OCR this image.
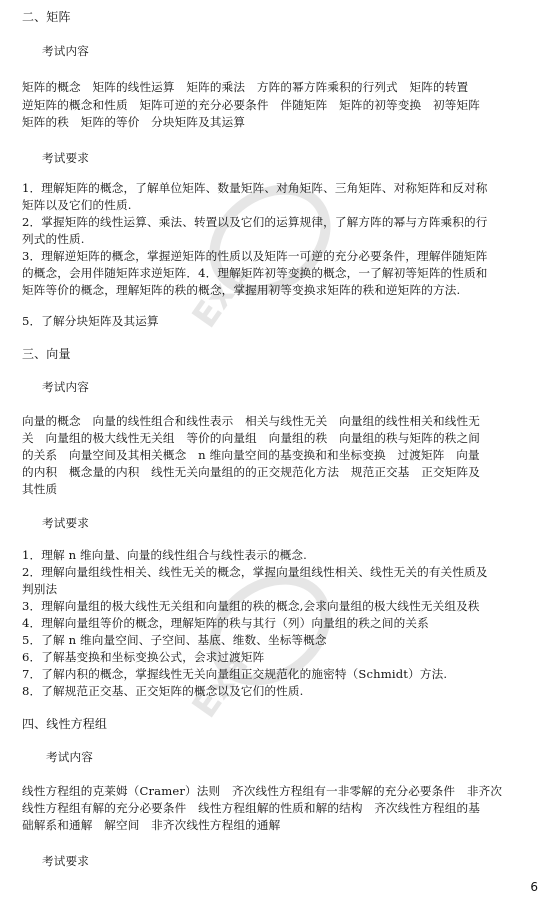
Exa
Exa
二、矩阵
考试内容
矩阵的概念　矩阵的线性运算　矩阵的乘法　方阵的幂方阵乘积的行列式　矩阵的转置
逆矩阵的概念和性质　矩阵可逆的充分必要条件　伴随矩阵　矩阵的初等变换　初等矩阵
矩阵的秩　矩阵的等价　分块矩阵及其运算
考试要求
1．理解矩阵的概念，了解单位矩阵、数量矩阵、对角矩阵、三角矩阵、对称矩阵和反对称
矩阵以及它们的性质.
2．掌握矩阵的线性运算、乘法、转置以及它们的运算规律，了解方阵的幂与方阵乘积的行
列式的性质.
3．理解逆矩阵的概念，掌握逆矩阵的性质以及矩阵一可逆的充分必要条件，理解伴随矩阵
的概念，会用伴随矩阵求逆矩阵．4．理解矩阵初等变换的概念，一了解初等矩阵的性质和
矩阵等价的概念，理解矩阵的秩的概念，掌握用初等变换求矩阵的秩和逆矩阵的方法.
5．了解分块矩阵及其运算
三、向量
考试内容
向量的概念　向量的线性组合和线性表示　相关与线性无关　向量组的线性相关和线性无
关　向量组的极大线性无关组　等价的向量组　向量组的秩　向量组的秩与矩阵的秩之间
的关系　向量空间及其相关概念　n 维向量空间的基变换和和坐标变换　过渡矩阵　向量
的内积　概念量的内积　线性无关向量组的的正交规范化方法　规范正交基　正交矩阵及
其性质
考试要求
1．理解 n 维向量、向量的线性组合与线性表示的概念.
2．理解向量组线性相关、线性无关的概念，掌握向量组线性相关、线性无关的有关性质及
判别法
3．理解向量组的极大线性无关组和向量组的秩的概念,会求向量组的极大线性无关组及秩
4．理解向量组等价的概念，理解矩阵的秩与其行（列）向量组的秩之间的关系
5．了解 n 维向量空间、子空间、基底、维数、坐标等概念
6．了解基变换和坐标变换公式，会求过渡矩阵
7．了解内积的概念，掌握线性无关向量组正交规范化的施密特（Schmidt）方法.
8．了解规范正交基、正交矩阵的概念以及它们的性质.
四、线性方程组
考试内容
线性方程组的克莱姆（Cramer）法则　齐次线性方程组有一非零解的充分必要条件　非齐次
线性方程组有解的充分必要条件　线性方程组解的性质和解的结构　齐次线性方程组的基
础解系和通解　解空间　非齐次线性方程组的通解
考试要求
6
